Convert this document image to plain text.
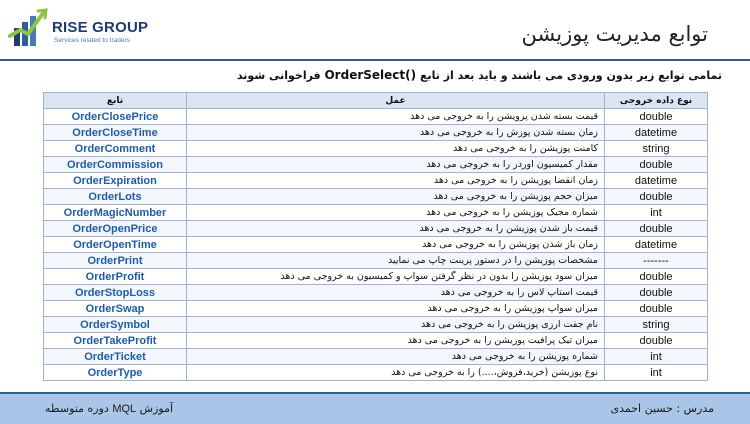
RISE GROUP
Services related to traders	توابع مدیریت پوزیشن
تمامی توابع زیر بدون ورودی می باشند و باید بعد از تابع OrderSelect() فراخوانی شوند
تابع	عمل	نوع داده خروجی
OrderClosePrice	قیمت بسته شدن پزویشن را به خروجی می دهد	double
OrderCloseTime	زمان بسته شدن پوزش را به خروجی می دهد	datetime
OrderComment	کامنت پوزیشن را به خروجی می دهد	string
OrderCommission	مقدار کمیسیون اوردر را به خروجی می دهد	double
OrderExpiration	زمان انقضا پوزیشن را به خروجی می دهد	datetime
OrderLots	میزان حجم پوزیشن را به خروجی می دهد	double
OrderMagicNumber	شماره مجیک پوزیشن را به خروجی می دهد	int
OrderOpenPrice	قیمت باز شدن پوزیشن را به خروجی می دهد	double
OrderOpenTime	زمان باز شدن پوزیشن را به خروجی می دهد	datetime
OrderPrint	مشخصات پوزیشن را در دستور پرینت چاپ می نمایید	-------
OrderProfit	میزان سود پوزیشن را بدون در نظر گرفتن سواپ و کمیسیون به خروجی می دهد	double
OrderStopLoss	قیمت استاپ لاس را به خروجی می دهد	double
OrderSwap	میزان سواپ پوزیشن را به خروجی می دهد	double
OrderSymbol	نام جفت ارزی پوزیشن را به خروجی می دهد	string
OrderTakeProfit	میزان تیک پرافیت پوزیشن را به خروجی می دهد	double
OrderTicket	شماره پوزیشن را به خروجی می دهد	int
OrderType	نوع پوزیشن (خرید،فروش،....) را به خروجی می دهد	int
آموزش MQL دوره متوسطه	مدرس : حسین احمدی
